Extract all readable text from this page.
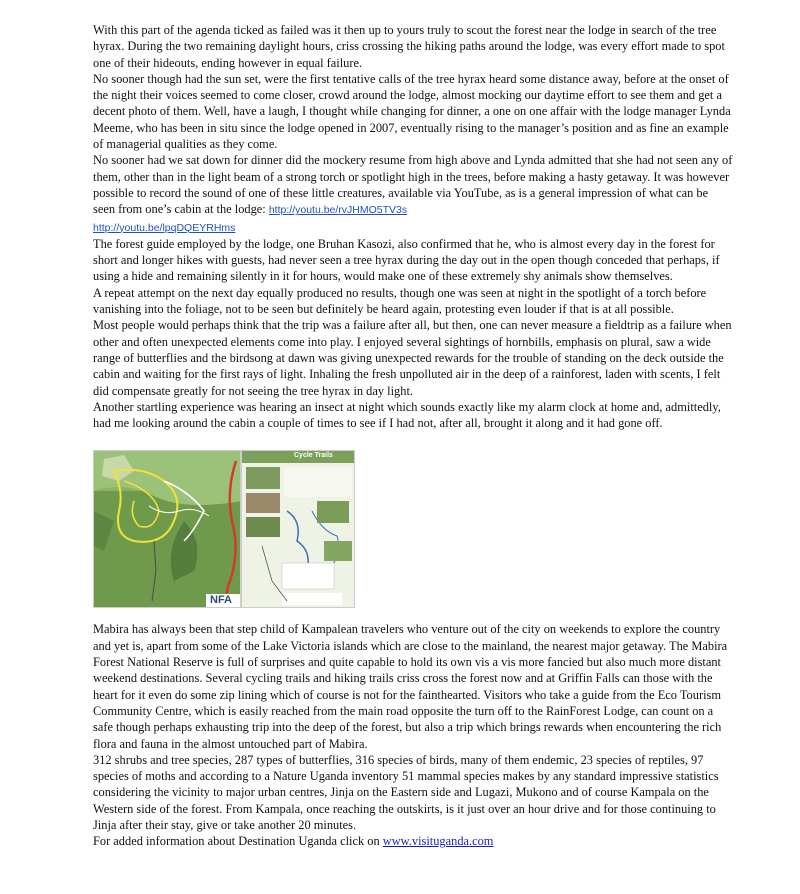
With this part of the agenda ticked as failed was it then up to yours truly to scout the forest near the lodge in search of the tree hyrax. During the two remaining daylight hours, criss crossing the hiking paths around the lodge, was every effort made to spot one of their hideouts, ending however in equal failure.

No sooner though had the sun set, were the first tentative calls of the tree hyrax heard some distance away, before at the onset of the night their voices seemed to come closer, crowd around the lodge, almost mocking our daytime effort to see them and get a decent photo of them. Well, have a laugh, I thought while changing for dinner, a one on one affair with the lodge manager Lynda Meeme, who has been in situ since the lodge opened in 2007, eventually rising to the manager’s position and as fine an example of managerial qualities as they come.

No sooner had we sat down for dinner did the mockery resume from high above and Lynda admitted that she had not seen any of them, other than in the light beam of a strong torch or spotlight high in the trees, before making a hasty getaway. It was however possible to record the sound of one of these little creatures, available via YouTube, as is a general impression of what can be seen from one’s cabin at the lodge: http://youtu.be/rvJHMO5TV3s
http://youtu.be/lpqDQEYRHms

The forest guide employed by the lodge, one Bruhan Kasozi, also confirmed that he, who is almost every day in the forest for short and longer hikes with guests, had never seen a tree hyrax during the day out in the open though conceded that perhaps, if using a hide and remaining silently in it for hours, would make one of these extremely shy animals show themselves.

A repeat attempt on the next day equally produced no results, though one was seen at night in the spotlight of a torch before vanishing into the foliage, not to be seen but definitely be heard again, protesting even louder if that is at all possible.

Most people would perhaps think that the trip was a failure after all, but then, one can never measure a fieldtrip as a failure when other and often unexpected elements come into play. I enjoyed several sightings of hornbills, emphasis on plural, saw a wide range of butterflies and the birdsong at dawn was giving unexpected rewards for the trouble of standing on the deck outside the cabin and waiting for the first rays of light. Inhaling the fresh unpolluted air in the deep of a rainforest, laden with scents, I felt did compensate greatly for not seeing the tree hyrax in day light.

Another startling experience was hearing an insect at night which sounds exactly like my alarm clock at home and, admittedly, had me looking around the cabin a couple of times to see if I had not, after all, brought it along and it had gone off.

NFA
Cycle Trails

Mabira has always been that step child of Kampalean travelers who venture out of the city on weekends to explore the country and yet is, apart from some of the Lake Victoria islands which are close to the mainland, the nearest major getaway. The Mabira Forest National Reserve is full of surprises and quite capable to hold its own vis a vis more fancied but also much more distant weekend destinations. Several cycling trails and hiking trails criss cross the forest now and at Griffin Falls can those with the heart for it even do some zip lining which of course is not for the fainthearted. Visitors who take a guide from the Eco Tourism Community Centre, which is easily reached from the main road opposite the turn off to the RainForest Lodge, can count on a safe though perhaps exhausting trip into the deep of the forest, but also a trip which brings rewards when encountering the rich flora and fauna in the almost untouched part of Mabira.

312 shrubs and tree species, 287 types of butterflies, 316 species of birds, many of them endemic, 23 species of reptiles, 97 species of moths and according to a Nature Uganda inventory 51 mammal species makes by any standard impressive statistics considering the vicinity to major urban centres, Jinja on the Eastern side and Lugazi, Mukono and of course Kampala on the Western side of the forest. From Kampala, once reaching the outskirts, is it just over an hour drive and for those continuing to Jinja after their stay, give or take another 20 minutes.

For added information about Destination Uganda click on www.visituganda.com
